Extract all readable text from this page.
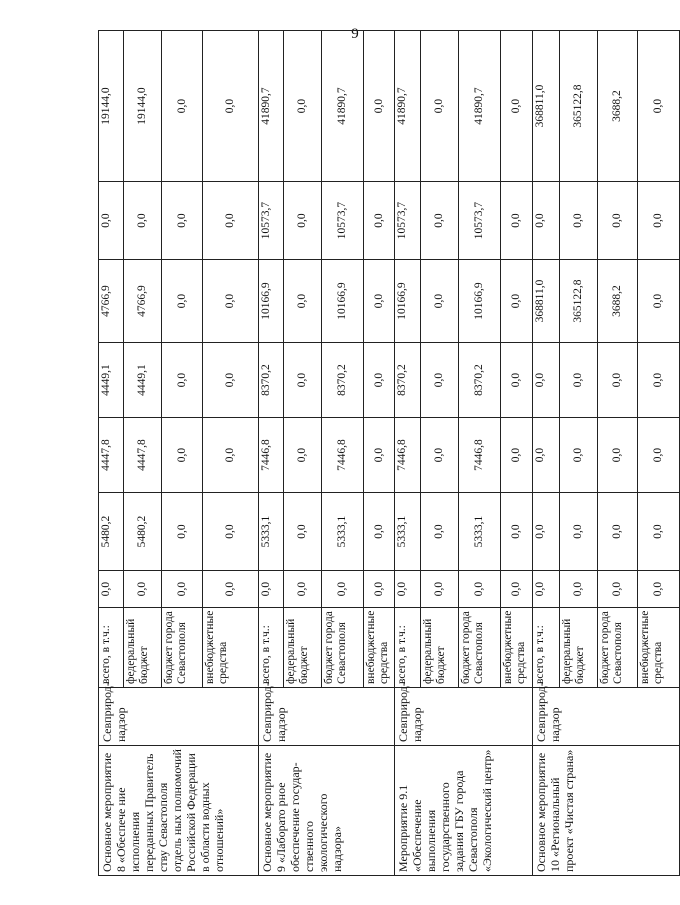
9
Основное мероприятие 8 «Обеспече ние исполнения переданных Правитель ству Севастополя отдель ных полномочий Российской Федерации в области водных отношений»	Севприрод-надзор	всего, в т.ч.:	0,0	5480,2	4447,8	4449,1	4766,9	0,0	19144,0
		федеральный бюджет	0,0	5480,2	4447,8	4449,1	4766,9	0,0	19144,0
		бюджет города Севастополя	0,0	0,0	0,0	0,0	0,0	0,0	0,0
		внебюджетные средства	0,0	0,0	0,0	0,0	0,0	0,0	0,0
Основное мероприятие 9 «Лаборато рное обеспечение государ-ственного экологического надзора»	Севприрод-надзор	всего, в т.ч.:	0,0	5333,1	7446,8	8370,2	10166,9	10573,7	41890,7
		федеральный бюджет	0,0	0,0	0,0	0,0	0,0	0,0	0,0
		бюджет города Севастополя	0,0	5333,1	7446,8	8370,2	10166,9	10573,7	41890,7
		внебюджетные средства	0,0	0,0	0,0	0,0	0,0	0,0	0,0
Мероприятие 9.1 «Обеспечение выполнения государственного задания ГБУ города Севастополя «Экологический центр»	Севприрод-надзор	всего, в т.ч.:	0,0	5333,1	7446,8	8370,2	10166,9	10573,7	41890,7
		федеральный бюджет	0,0	0,0	0,0	0,0	0,0	0,0	0,0
		бюджет города Севастополя	0,0	5333,1	7446,8	8370,2	10166,9	10573,7	41890,7
		внебюджетные средства	0,0	0,0	0,0	0,0	0,0	0,0	0,0
Основное мероприятие 10 «Региональный проект «Чистая страна»	Севприрод-надзор	всего, в т.ч.:	0,0	0,0	0,0	0,0	368811,0	0,0	368811,0
		федеральный бюджет	0,0	0,0	0,0	0,0	365122,8	0,0	365122,8
		бюджет города Севастополя	0,0	0,0	0,0	0,0	3688,2	0,0	3688,2
		внебюджетные средства	0,0	0,0	0,0	0,0	0,0	0,0	0,0
